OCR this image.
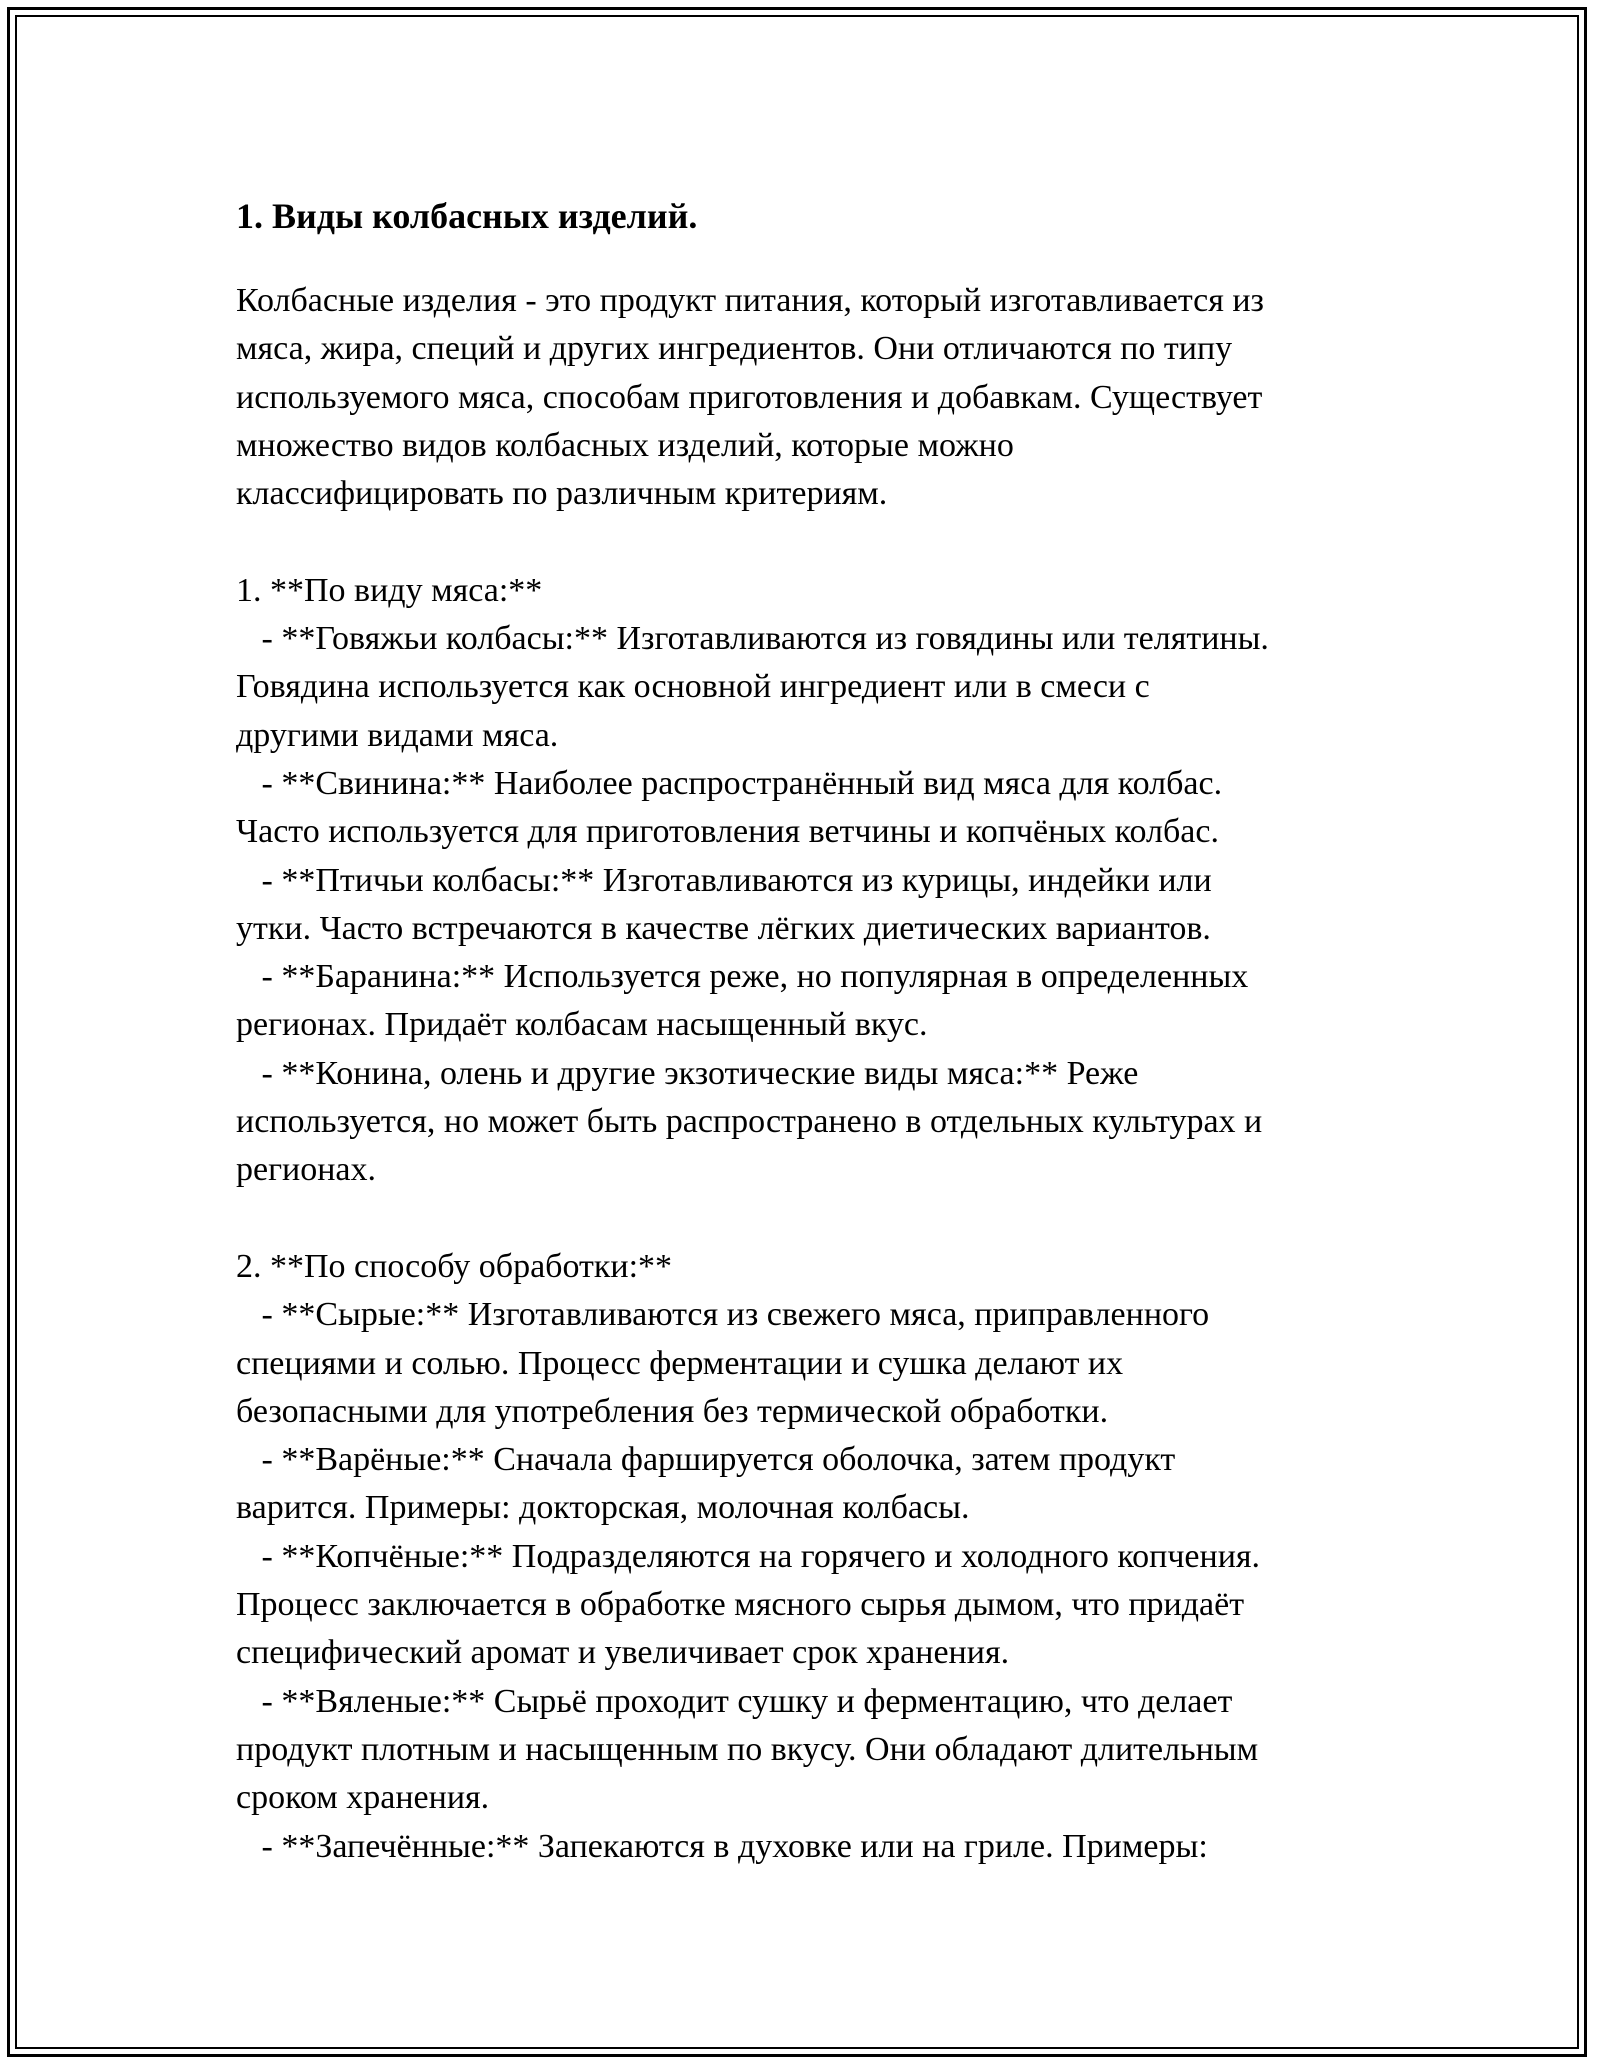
1. Виды колбасных изделий.

Колбасные изделия - это продукт питания, который изготавливается из
мяса, жира, специй и других ингредиентов. Они отличаются по типу
используемого мяса, способам приготовления и добавкам. Существует
множество видов колбасных изделий, которые можно
классифицировать по различным критериям.

1. **По виду мяса:**
- **Говяжьи колбасы:** Изготавливаются из говядины или телятины.
Говядина используется как основной ингредиент или в смеси с
другими видами мяса.
- **Свинина:** Наиболее распространённый вид мяса для колбас.
Часто используется для приготовления ветчины и копчёных колбас.
- **Птичьи колбасы:** Изготавливаются из курицы, индейки или
утки. Часто встречаются в качестве лёгких диетических вариантов.
- **Баранина:** Используется реже, но популярная в определенных
регионах. Придаёт колбасам насыщенный вкус.
- **Конина, олень и другие экзотические виды мяса:** Реже
используется, но может быть распространено в отдельных культурах и
регионах.

2. **По способу обработки:**
- **Сырые:** Изготавливаются из свежего мяса, приправленного
специями и солью. Процесс ферментации и сушка делают их
безопасными для употребления без термической обработки.
- **Варёные:** Сначала фаршируется оболочка, затем продукт
варится. Примеры: докторская, молочная колбасы.
- **Копчёные:** Подразделяются на горячего и холодного копчения.
Процесс заключается в обработке мясного сырья дымом, что придаёт
специфический аромат и увеличивает срок хранения.
- **Вяленые:** Сырьё проходит сушку и ферментацию, что делает
продукт плотным и насыщенным по вкусу. Они обладают длительным
сроком хранения.
- **Запечённые:** Запекаются в духовке или на гриле. Примеры:
